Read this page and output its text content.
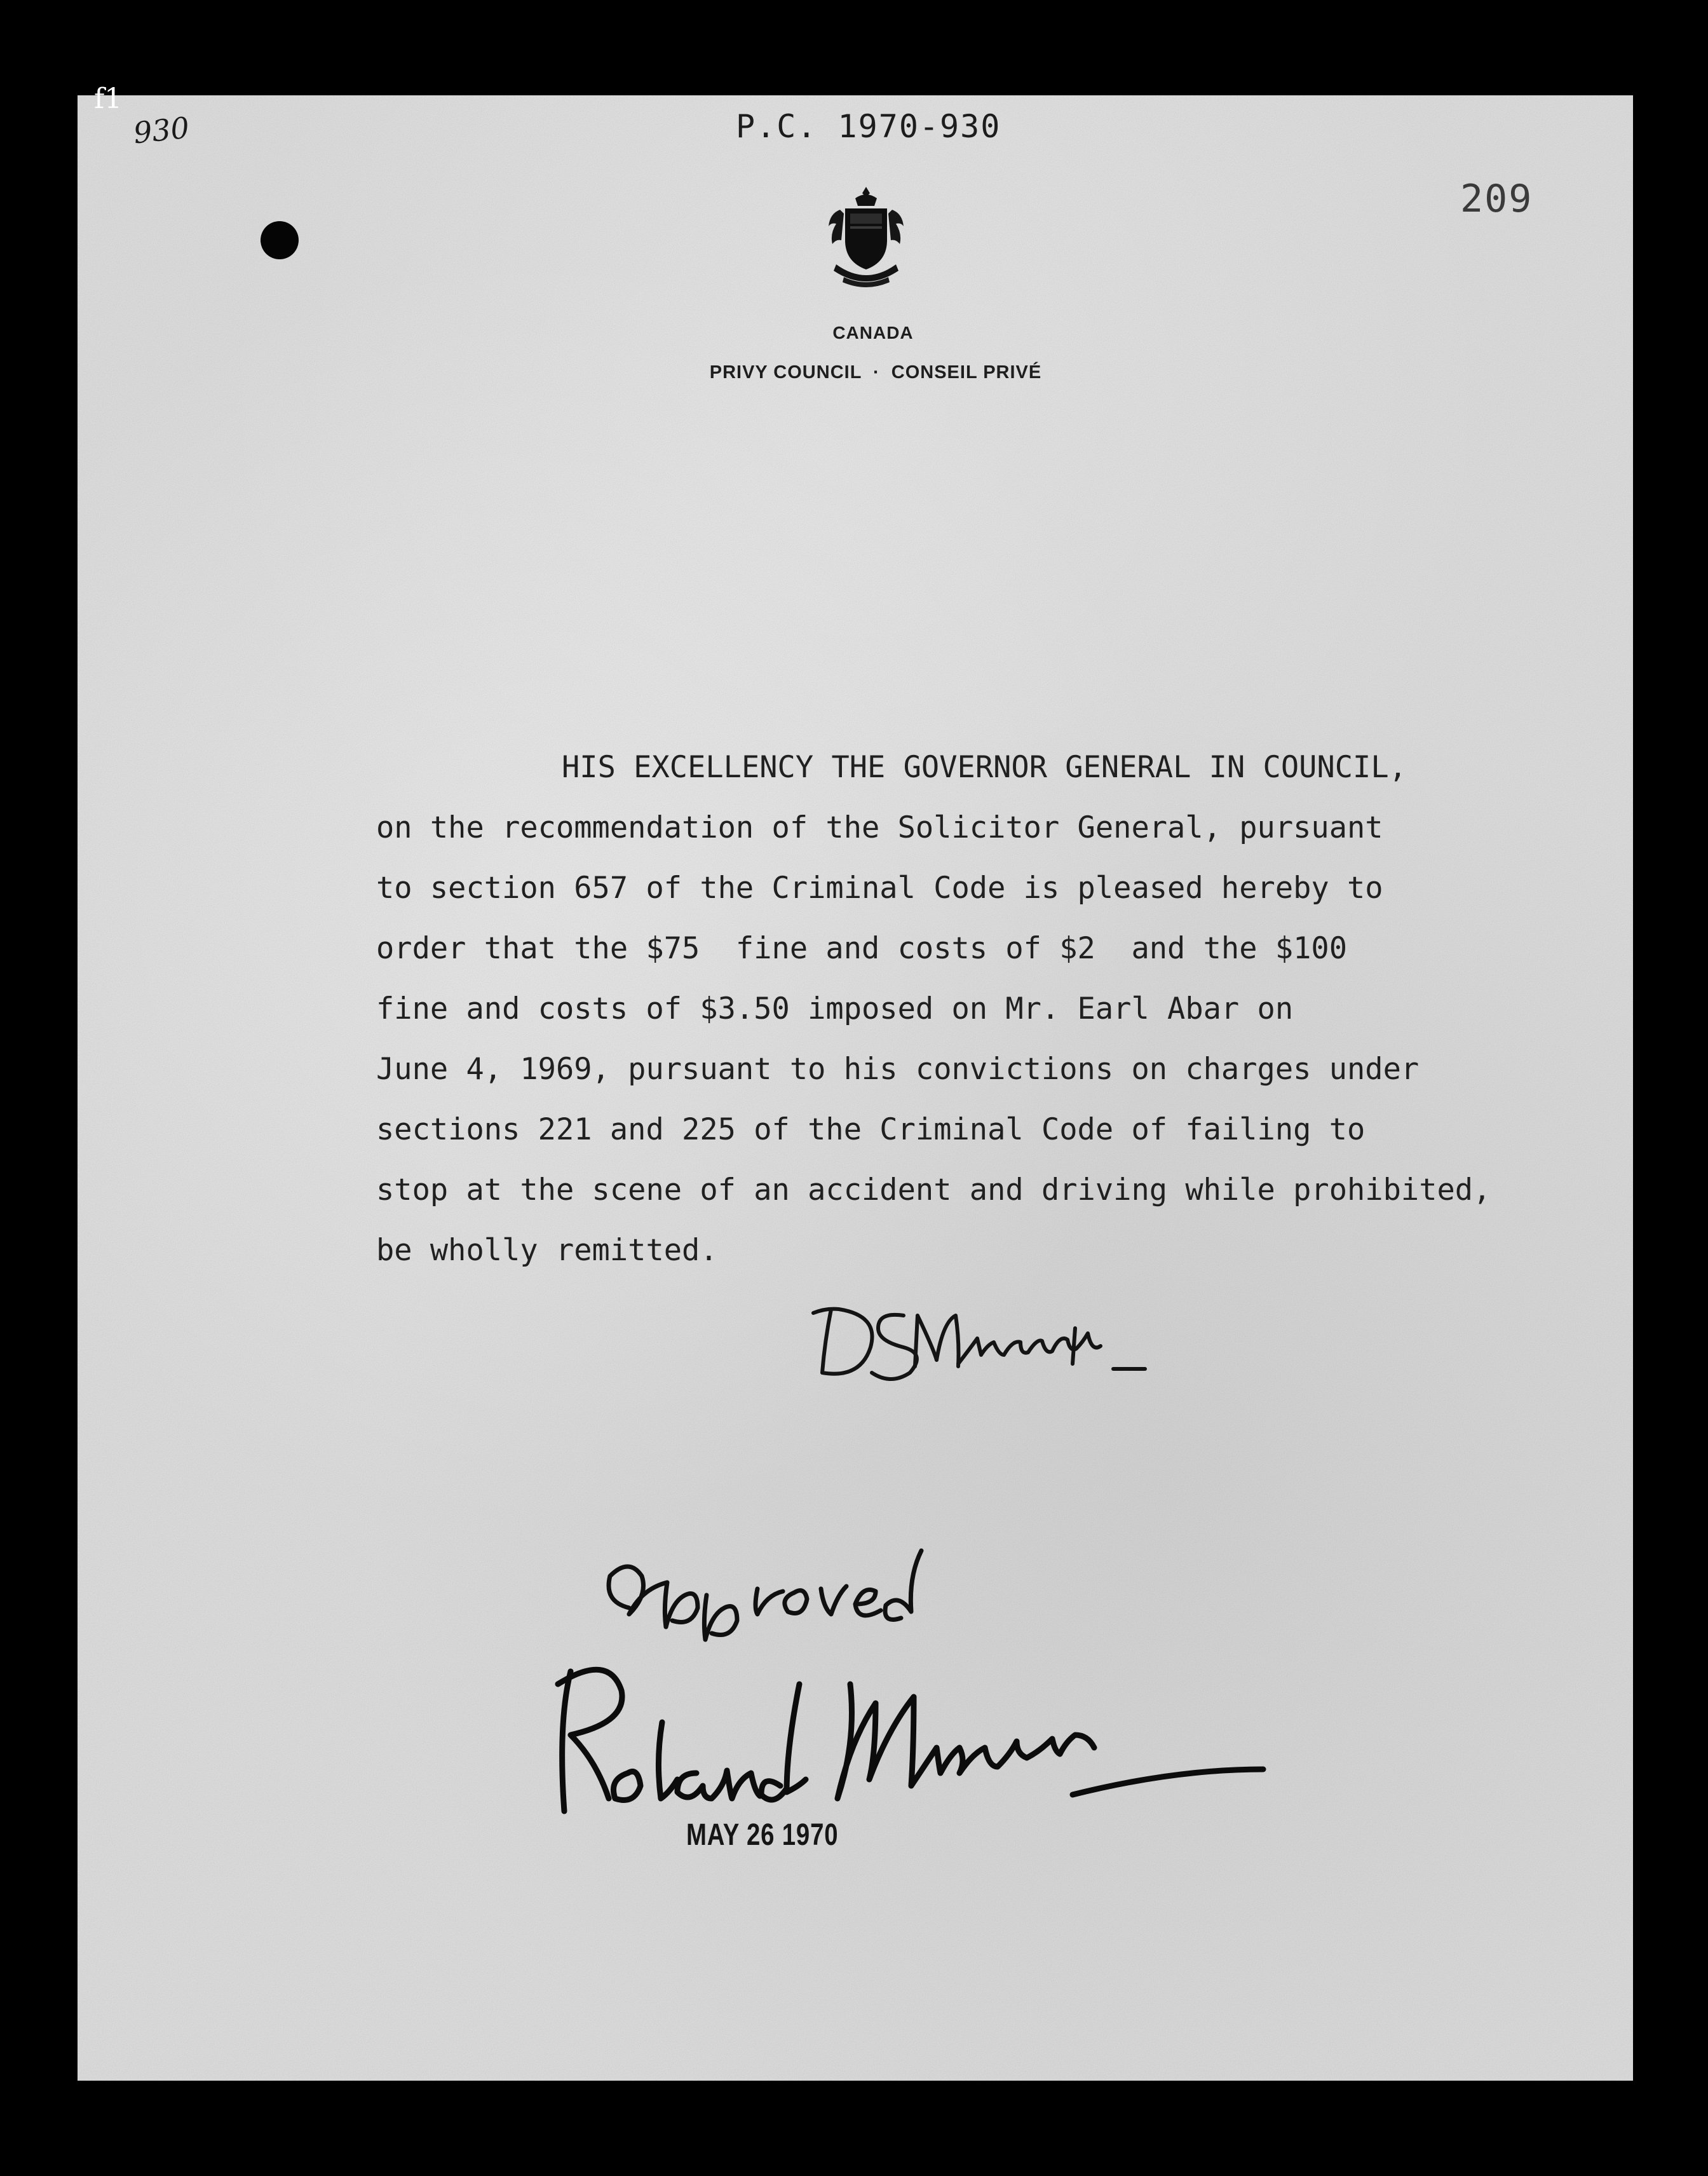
P.C. 1970-930
209
CANADA
PRIVY COUNCIL  ·  CONSEIL PRIVÉ
HIS EXCELLENCY THE GOVERNOR GENERAL IN COUNCIL,
on the recommendation of the Solicitor General, pursuant
to section 657 of the Criminal Code is pleased hereby to
order that the $75  fine and costs of $2  and the $100
fine and costs of $3.50 imposed on Mr. Earl Abar on
June 4, 1969, pursuant to his convictions on charges under
sections 221 and 225 of the Criminal Code of failing to
stop at the scene of an accident and driving while prohibited,
be wholly remitted.
MAY 26 1970
f1
930
